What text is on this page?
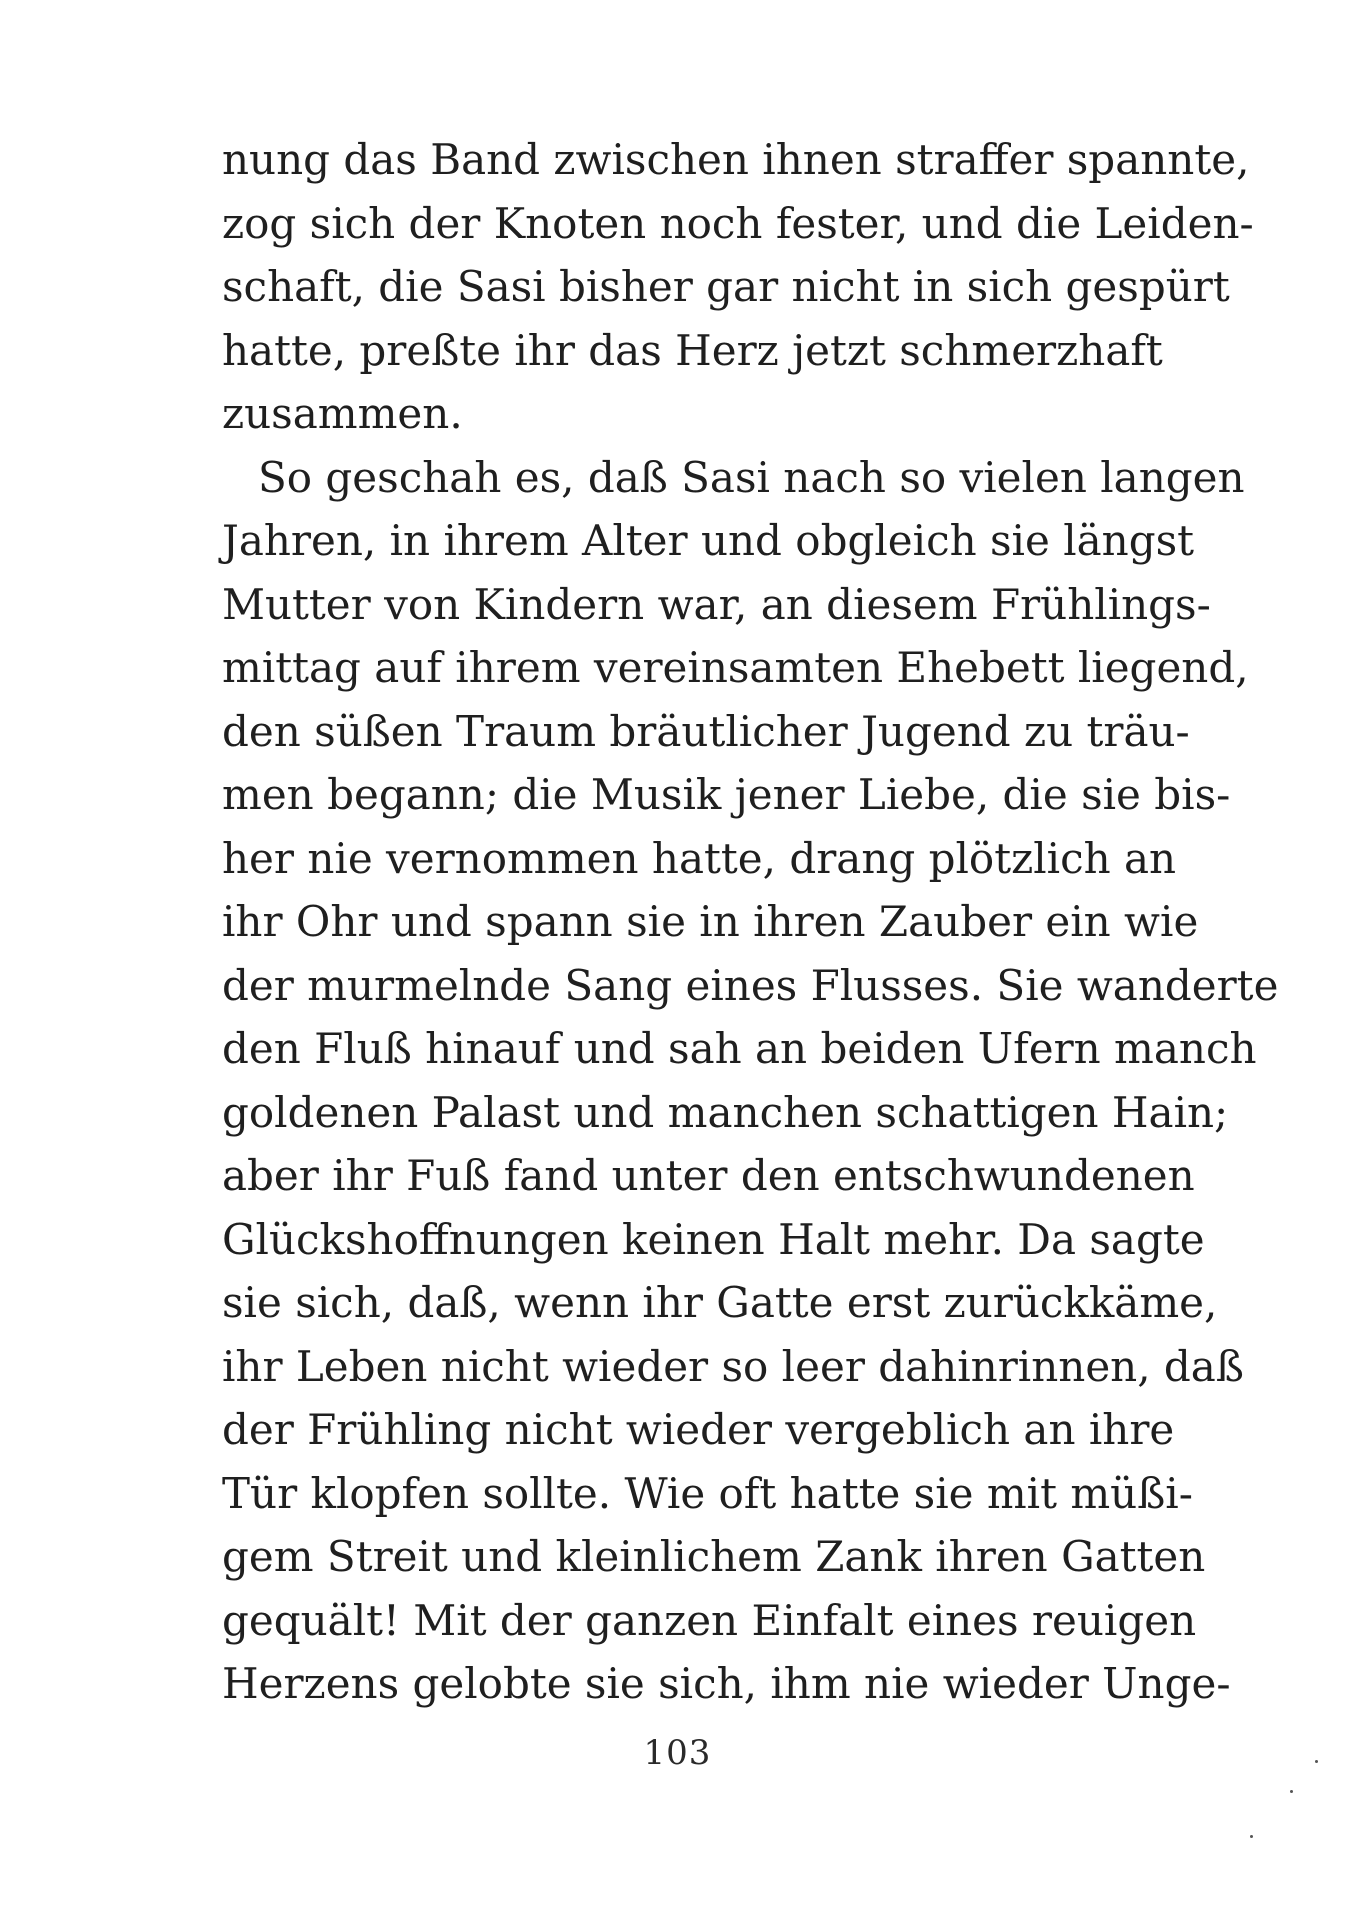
nung das Band zwischen ihnen straffer spannte,
zog sich der Knoten noch fester, und die Leiden-
schaft, die Sasi bisher gar nicht in sich gespürt
hatte, preßte ihr das Herz jetzt schmerzhaft
zusammen.
So geschah es, daß Sasi nach so vielen langen
Jahren, in ihrem Alter und obgleich sie längst
Mutter von Kindern war, an diesem Frühlings-
mittag auf ihrem vereinsamten Ehebett liegend,
den süßen Traum bräutlicher Jugend zu träu-
men begann; die Musik jener Liebe, die sie bis-
her nie vernommen hatte, drang plötzlich an
ihr Ohr und spann sie in ihren Zauber ein wie
der murmelnde Sang eines Flusses. Sie wanderte
den Fluß hinauf und sah an beiden Ufern manch
goldenen Palast und manchen schattigen Hain;
aber ihr Fuß fand unter den entschwundenen
Glückshoffnungen keinen Halt mehr. Da sagte
sie sich, daß, wenn ihr Gatte erst zurückkäme,
ihr Leben nicht wieder so leer dahinrinnen, daß
der Frühling nicht wieder vergeblich an ihre
Tür klopfen sollte. Wie oft hatte sie mit müßi-
gem Streit und kleinlichem Zank ihren Gatten
gequält! Mit der ganzen Einfalt eines reuigen
Herzens gelobte sie sich, ihm nie wieder Unge-
103
